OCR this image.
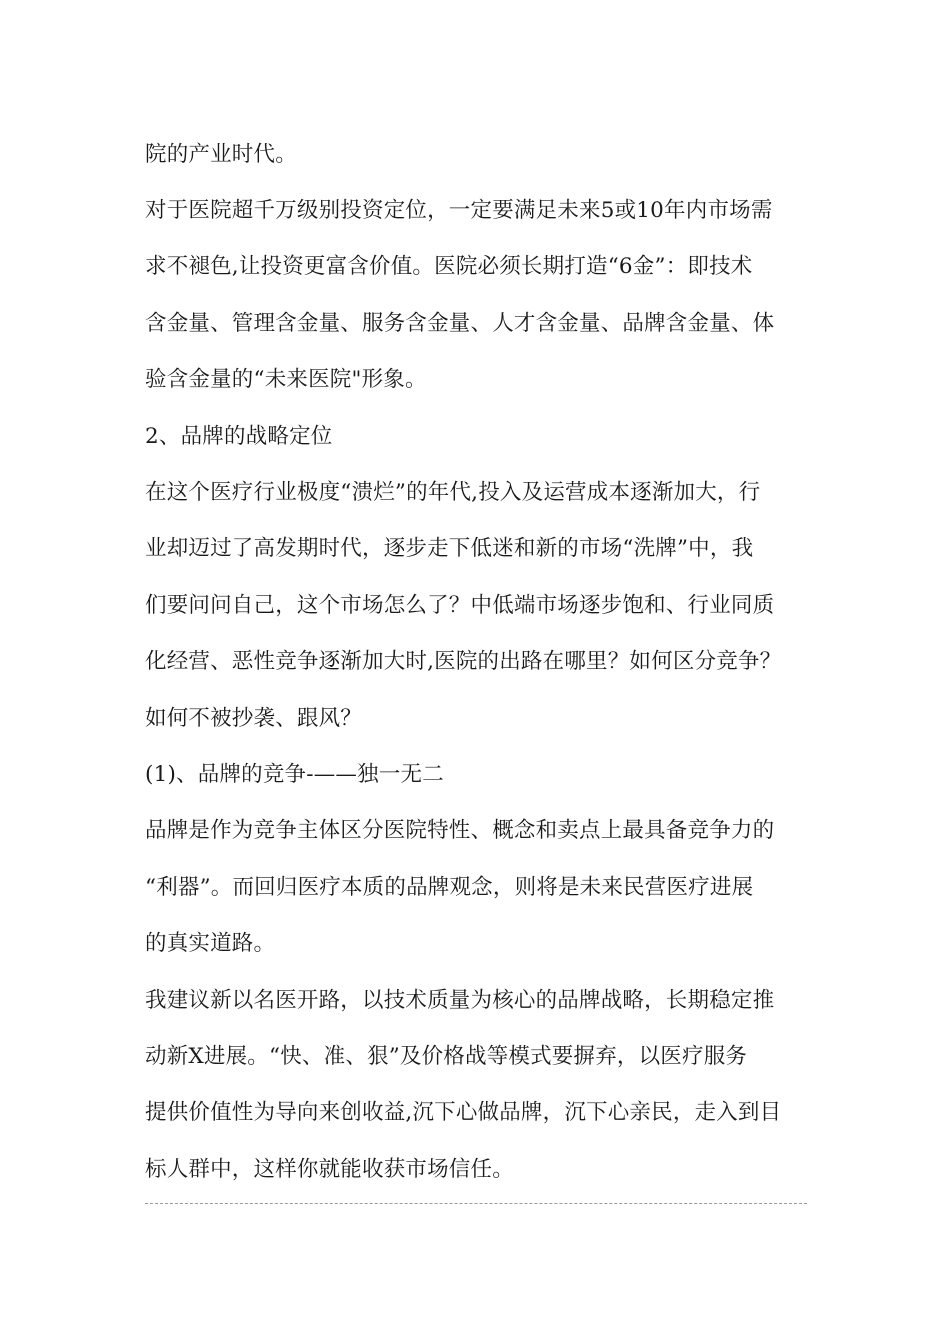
院的产业时代。
对于医院超千万级别投资定位，一定要满足未来5或10年内市场需
求不褪色,让投资更富含价值。医院必须长期打造“6金”：即技术
含金量、管理含金量、服务含金量、人才含金量、品牌含金量、体
验含金量的“未来医院"形象。
2、品牌的战略定位
在这个医疗行业极度“溃烂”的年代,投入及运营成本逐渐加大，行
业却迈过了高发期时代，逐步走下低迷和新的市场“洗牌”中，我
们要问问自己，这个市场怎么了？中低端市场逐步饱和、行业同质
化经营、恶性竞争逐渐加大时,医院的出路在哪里？如何区分竞争？
如何不被抄袭、跟风？
(1)、品牌的竞争-——独一无二
品牌是作为竞争主体区分医院特性、概念和卖点上最具备竞争力的
“利器”。而回归医疗本质的品牌观念，则将是未来民营医疗进展
的真实道路。
我建议新以名医开路，以技术质量为核心的品牌战略，长期稳定推
动新X进展。“快、准、狠”及价格战等模式要摒弃，以医疗服务
提供价值性为导向来创收益,沉下心做品牌，沉下心亲民，走入到目
标人群中，这样你就能收获市场信任。
